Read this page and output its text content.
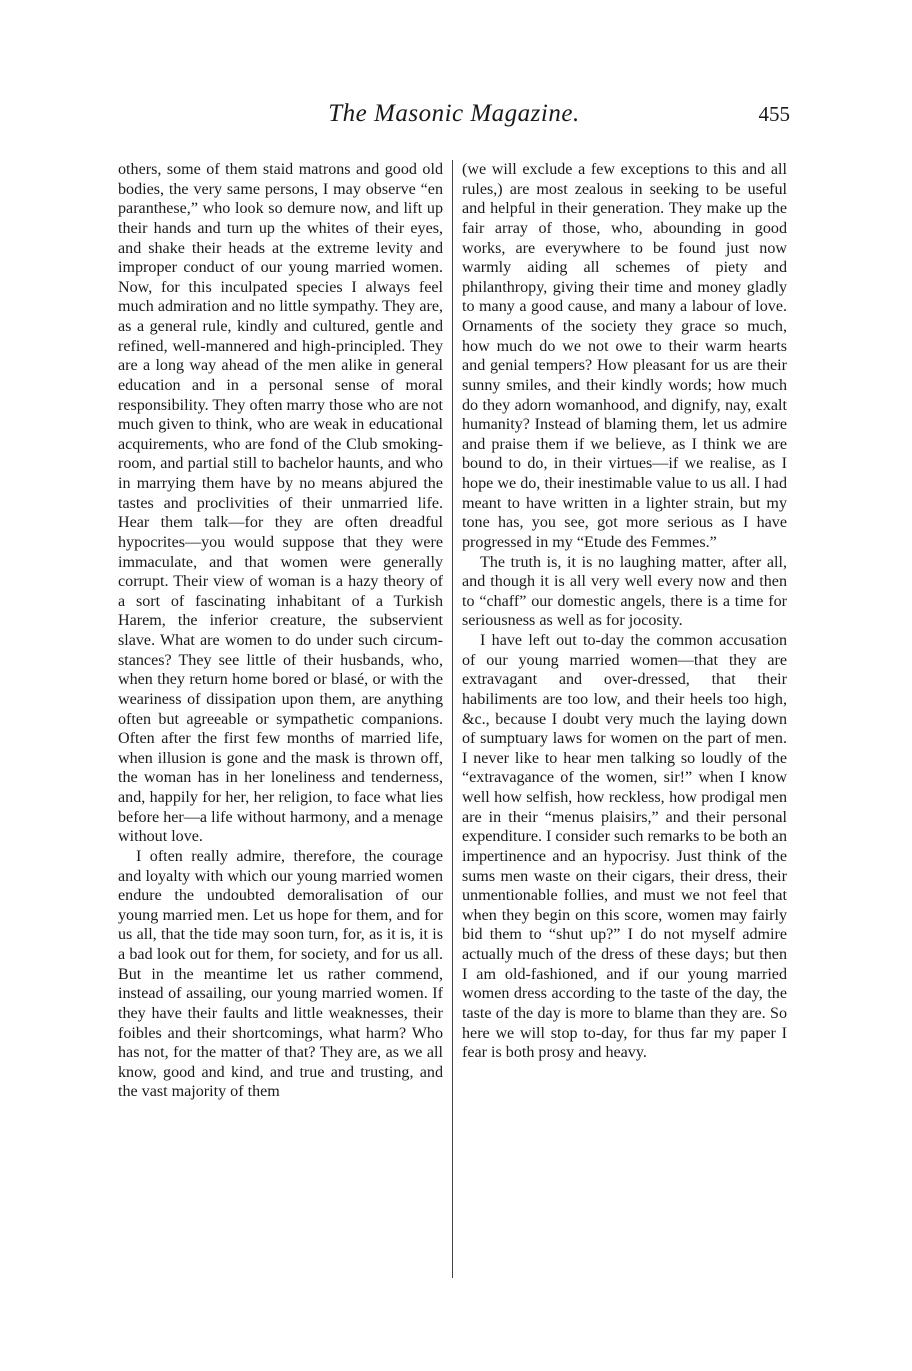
The Masonic Magazine.	455

others, some of them staid matrons and good old bodies, the very same persons, I may observe “en paranthese,” who look so demure now, and lift up their hands and turn up the whites of their eyes, and shake their heads at the extreme levity and improper conduct of our young married women. Now, for this inculpated species I always feel much admiration and no little sympathy. They are, as a general rule, kindly and cultured, gentle and refined, well-mannered and high-principled. They are a long way ahead of the men alike in general education and in a personal sense of moral responsibility. They often marry those who are not much given to think, who are weak in educational acquirements, who are fond of the Club smoking-room, and partial still to bachelor haunts, and who in marrying them have by no means abjured the tastes and proclivities of their unmarried life. Hear them talk—for they are often dreadful hypocrites—you would suppose that they were immaculate, and that women were generally corrupt. Their view of woman is a hazy theory of a sort of fascinating inhabitant of a Turkish Harem, the inferior creature, the subservient slave. What are women to do under such circumstances? They see little of their husbands, who, when they return home bored or blasé, or with the weariness of dissipation upon them, are anything often but agreeable or sympathetic companions. Often after the first few months of married life, when illusion is gone and the mask is thrown off, the woman has in her loneliness and tenderness, and, happily for her, her religion, to face what lies before her—a life without harmony, and a menage without love.

I often really admire, therefore, the courage and loyalty with which our young married women endure the undoubted demoralisation of our young married men. Let us hope for them, and for us all, that the tide may soon turn, for, as it is, it is a bad look out for them, for society, and for us all. But in the meantime let us rather commend, instead of assailing, our young married women. If they have their faults and little weaknesses, their foibles and their shortcomings, what harm? Who has not, for the matter of that? They are, as we all know, good and kind, and true and trusting, and the vast majority of them

(we will exclude a few exceptions to this and all rules,) are most zealous in seeking to be useful and helpful in their generation. They make up the fair array of those, who, abounding in good works, are everywhere to be found just now warmly aiding all schemes of piety and philanthropy, giving their time and money gladly to many a good cause, and many a labour of love. Ornaments of the society they grace so much, how much do we not owe to their warm hearts and genial tempers? How pleasant for us are their sunny smiles, and their kindly words; how much do they adorn womanhood, and dignify, nay, exalt humanity? Instead of blaming them, let us admire and praise them if we believe, as I think we are bound to do, in their virtues—if we realise, as I hope we do, their inestimable value to us all. I had meant to have written in a lighter strain, but my tone has, you see, got more serious as I have progressed in my “Etude des Femmes.”

The truth is, it is no laughing matter, after all, and though it is all very well every now and then to “chaff” our domestic angels, there is a time for seriousness as well as for jocosity.

I have left out to-day the common accusation of our young married women—that they are extravagant and over-dressed, that their habiliments are too low, and their heels too high, &c., because I doubt very much the laying down of sumptuary laws for women on the part of men. I never like to hear men talking so loudly of the “extravagance of the women, sir!” when I know well how selfish, how reckless, how prodigal men are in their “menus plaisirs,” and their personal expenditure. I consider such remarks to be both an impertinence and an hypocrisy. Just think of the sums men waste on their cigars, their dress, their unmentionable follies, and must we not feel that when they begin on this score, women may fairly bid them to “shut up?” I do not myself admire actually much of the dress of these days; but then I am old-fashioned, and if our young married women dress according to the taste of the day, the taste of the day is more to blame than they are. So here we will stop to-day, for thus far my paper I fear is both prosy and heavy.
